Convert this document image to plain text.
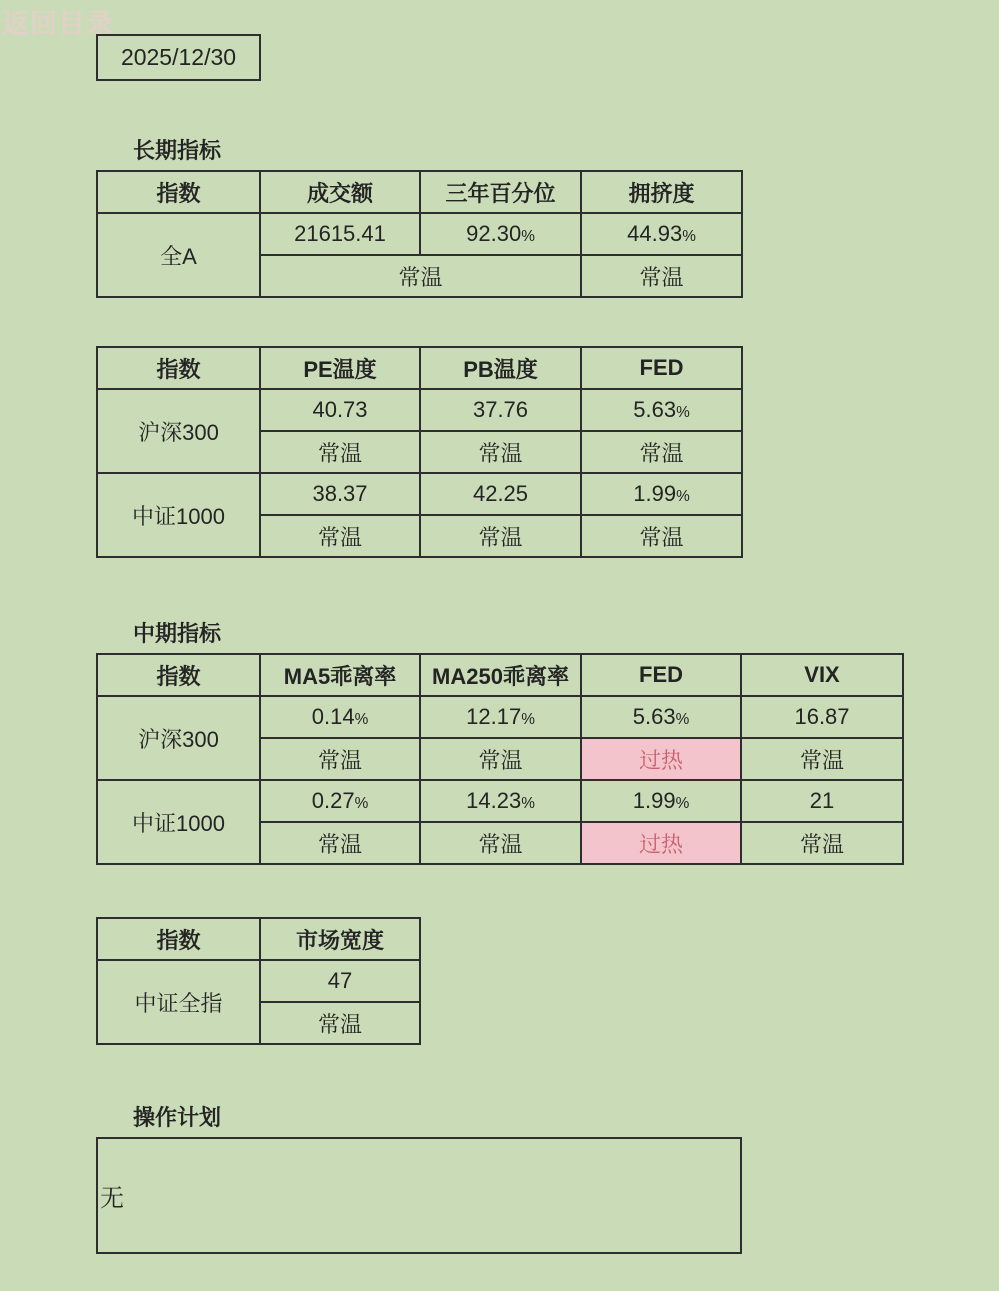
返回目录
2025/12/30
长期指标
指数	成交额	三年百分位	拥挤度
全A	21615.41	92.30%	44.93%
	常温		常温
指数	PE温度	PB温度	FED
沪深300	40.73	37.76	5.63%
	常温	常温	常温
中证1000	38.37	42.25	1.99%
	常温	常温	常温
中期指标
指数	MA5乖离率	MA250乖离率	FED	VIX
沪深300	0.14%	12.17%	5.63%	16.87
	常温	常温	过热	常温
中证1000	0.27%	14.23%	1.99%	21
	常温	常温	过热	常温
指数	市场宽度
中证全指	47
	常温
操作计划
无
